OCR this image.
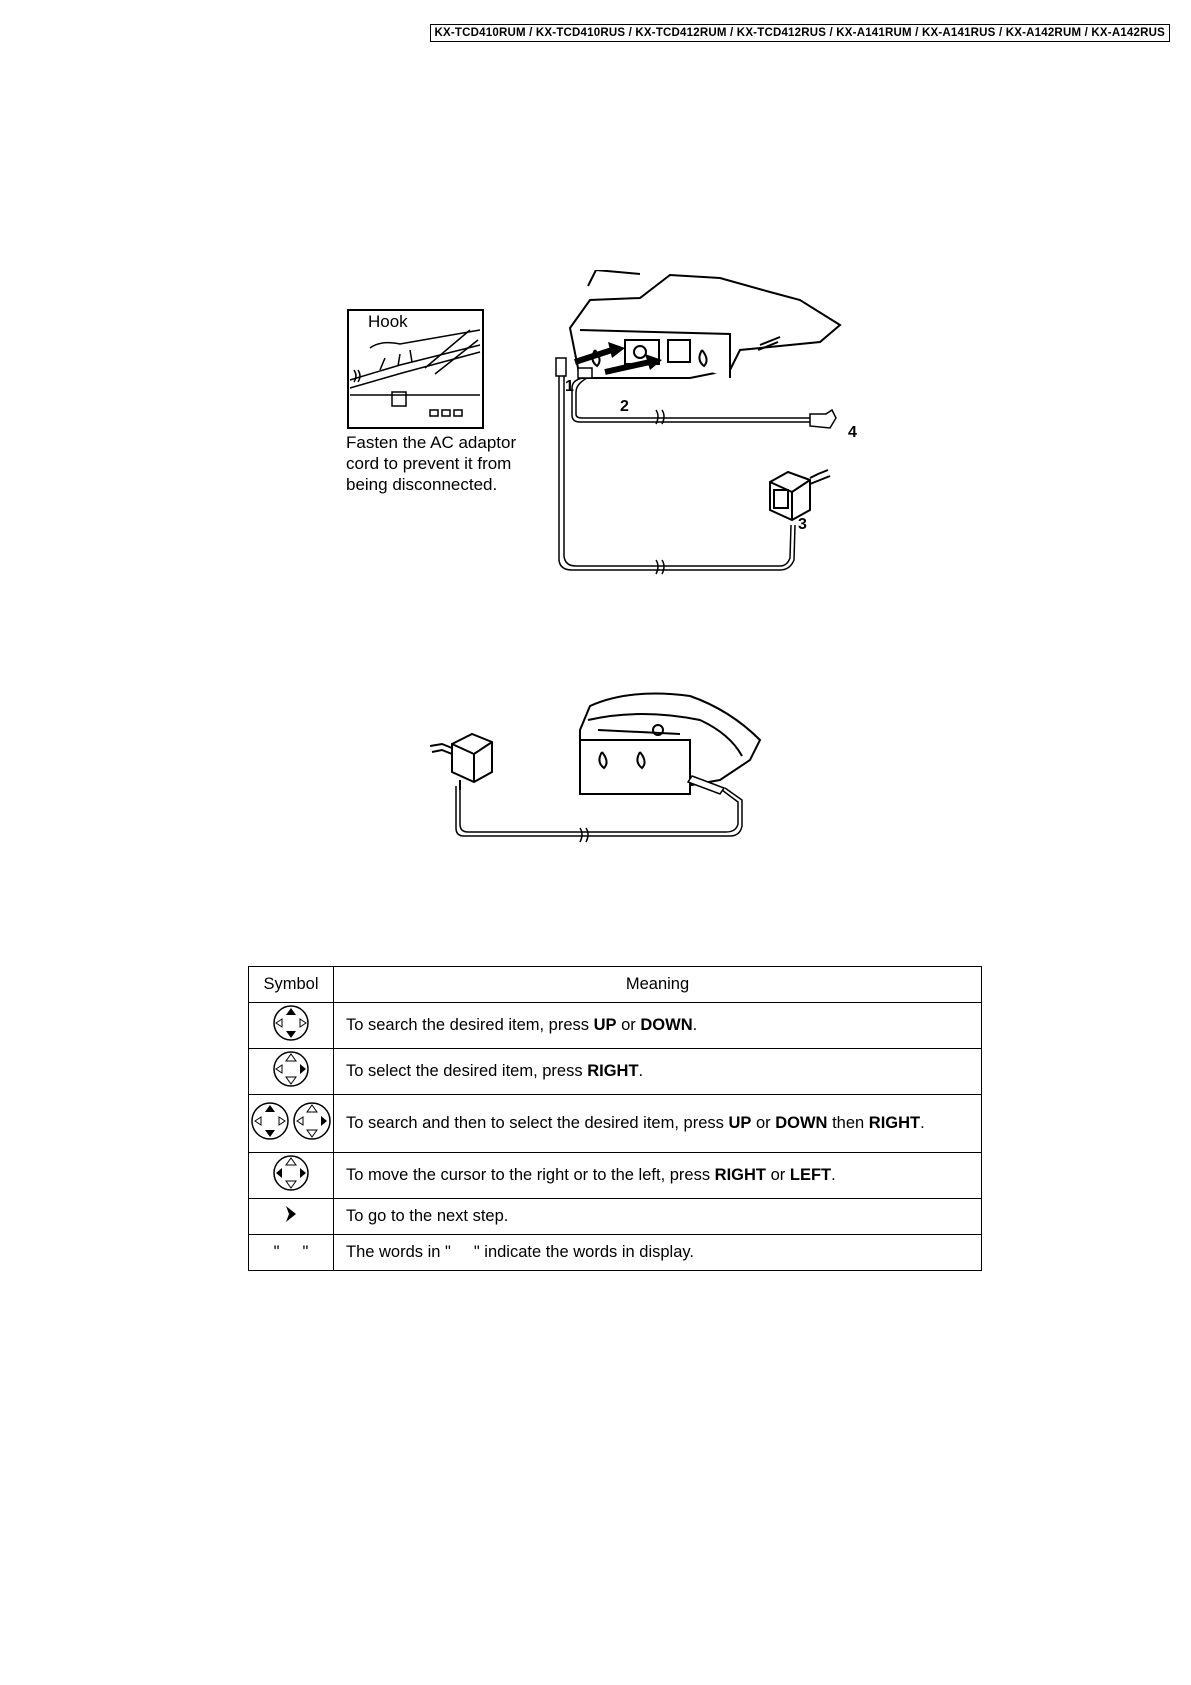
KX-TCD410RUM / KX-TCD410RUS / KX-TCD412RUM / KX-TCD412RUS / KX-A141RUM / KX-A141RUS / KX-A142RUM / KX-A142RUS
Hook
Fasten the AC adaptor
cord to prevent it from
being disconnected.
1
2
3
4
Symbol	Meaning
	To search the desired item, press UP or DOWN.
	To select the desired item, press RIGHT.
	To search and then to select the desired item, press UP or DOWN then RIGHT.
	To move the cursor to the right or to the left, press RIGHT or LEFT.
	To go to the next step.
"     "	The words in "     " indicate the words in display.
